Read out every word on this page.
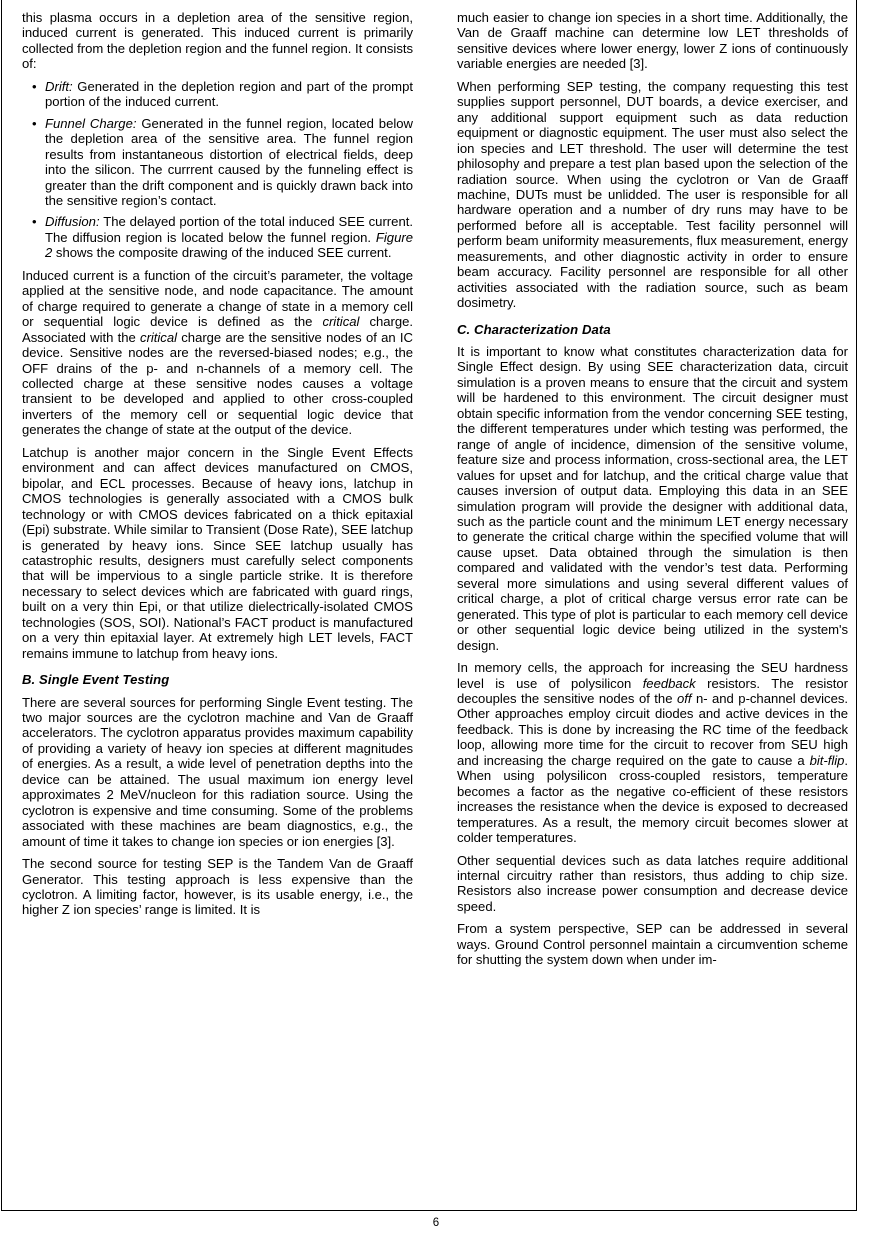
this plasma occurs in a depletion area of the sensitive region, induced current is generated. This induced current is primarily collected from the depletion region and the funnel region. It consists of:

• Drift: Generated in the depletion region and part of the prompt portion of the induced current.
• Funnel Charge: Generated in the funnel region, located below the depletion area of the sensitive area. The funnel region results from instantaneous distortion of electrical fields, deep into the silicon. The currrent caused by the funneling effect is greater than the drift component and is quickly drawn back into the sensitive region’s contact.
• Diffusion: The delayed portion of the total induced SEE current. The diffusion region is located below the funnel region. Figure 2 shows the composite drawing of the induced SEE current.

Induced current is a function of the circuit’s parameter, the voltage applied at the sensitive node, and node capacitance. The amount of charge required to generate a change of state in a memory cell or sequential logic device is defined as the critical charge. Associated with the critical charge are the sensitive nodes of an IC device. Sensitive nodes are the reversed-biased nodes; e.g., the OFF drains of the p- and n-channels of a memory cell. The collected charge at these sensitive nodes causes a voltage transient to be developed and applied to other cross-coupled inverters of the memory cell or sequential logic device that generates the change of state at the output of the device.

Latchup is another major concern in the Single Event Effects environment and can affect devices manufactured on CMOS, bipolar, and ECL processes. Because of heavy ions, latchup in CMOS technologies is generally associated with a CMOS bulk technology or with CMOS devices fabricated on a thick epitaxial (Epi) substrate. While similar to Transient (Dose Rate), SEE latchup is generated by heavy ions. Since SEE latchup usually has catastrophic results, designers must carefully select components that will be impervious to a single particle strike. It is therefore necessary to select devices which are fabricated with guard rings, built on a very thin Epi, or that utilize dielectrically-isolated CMOS technologies (SOS, SOI). National’s FACT product is manufactured on a very thin epitaxial layer. At extremely high LET levels, FACT remains immune to latchup from heavy ions.

B. Single Event Testing

There are several sources for performing Single Event testing. The two major sources are the cyclotron machine and Van de Graaff accelerators. The cyclotron apparatus provides maximum capability of providing a variety of heavy ion species at different magnitudes of energies. As a result, a wide level of penetration depths into the device can be attained. The usual maximum ion energy level approximates 2 MeV/nucleon for this radiation source. Using the cyclotron is expensive and time consuming. Some of the problems associated with these machines are beam diagnostics, e.g., the amount of time it takes to change ion species or ion energies [3].

The second source for testing SEP is the Tandem Van de Graaff Generator. This testing approach is less expensive than the cyclotron. A limiting factor, however, is its usable energy, i.e., the higher Z ion species’ range is limited. It is

much easier to change ion species in a short time. Additionally, the Van de Graaff machine can determine low LET thresholds of sensitive devices where lower energy, lower Z ions of continuously variable energies are needed [3].

When performing SEP testing, the company requesting this test supplies support personnel, DUT boards, a device exerciser, and any additional support equipment such as data reduction equipment or diagnostic equipment. The user must also select the ion species and LET threshold. The user will determine the test philosophy and prepare a test plan based upon the selection of the radiation source. When using the cyclotron or Van de Graaff machine, DUTs must be unlidded. The user is responsible for all hardware operation and a number of dry runs may have to be performed before all is acceptable. Test facility personnel will perform beam uniformity measurements, flux measurement, energy measurements, and other diagnostic activity in order to ensure beam accuracy. Facility personnel are responsible for all other activities associated with the radiation source, such as beam dosimetry.

C. Characterization Data

It is important to know what constitutes characterization data for Single Effect design. By using SEE characterization data, circuit simulation is a proven means to ensure that the circuit and system will be hardened to this environment. The circuit designer must obtain specific information from the vendor concerning SEE testing, the different temperatures under which testing was performed, the range of angle of incidence, dimension of the sensitive volume, feature size and process information, cross-sectional area, the LET values for upset and for latchup, and the critical charge value that causes inversion of output data. Employing this data in an SEE simulation program will provide the designer with additional data, such as the particle count and the minimum LET energy necessary to generate the critical charge within the specified volume that will cause upset. Data obtained through the simulation is then compared and validated with the vendor’s test data. Performing several more simulations and using several different values of critical charge, a plot of critical charge versus error rate can be generated. This type of plot is particular to each memory cell device or other sequential logic device being utilized in the system's design.

In memory cells, the approach for increasing the SEU hardness level is use of polysilicon feedback resistors. The resistor decouples the sensitive nodes of the off n- and p-channel devices. Other approaches employ circuit diodes and active devices in the feedback. This is done by increasing the RC time of the feedback loop, allowing more time for the circuit to recover from SEU high and increasing the charge required on the gate to cause a bit-flip. When using polysilicon cross-coupled resistors, temperature becomes a factor as the negative co-efficient of these resistors increases the resistance when the device is exposed to decreased temperatures. As a result, the memory circuit becomes slower at colder temperatures.

Other sequential devices such as data latches require additional internal circuitry rather than resistors, thus adding to chip size. Resistors also increase power consumption and decrease device speed.

From a system perspective, SEP can be addressed in several ways. Ground Control personnel maintain a circumvention scheme for shutting the system down when under im-

6
